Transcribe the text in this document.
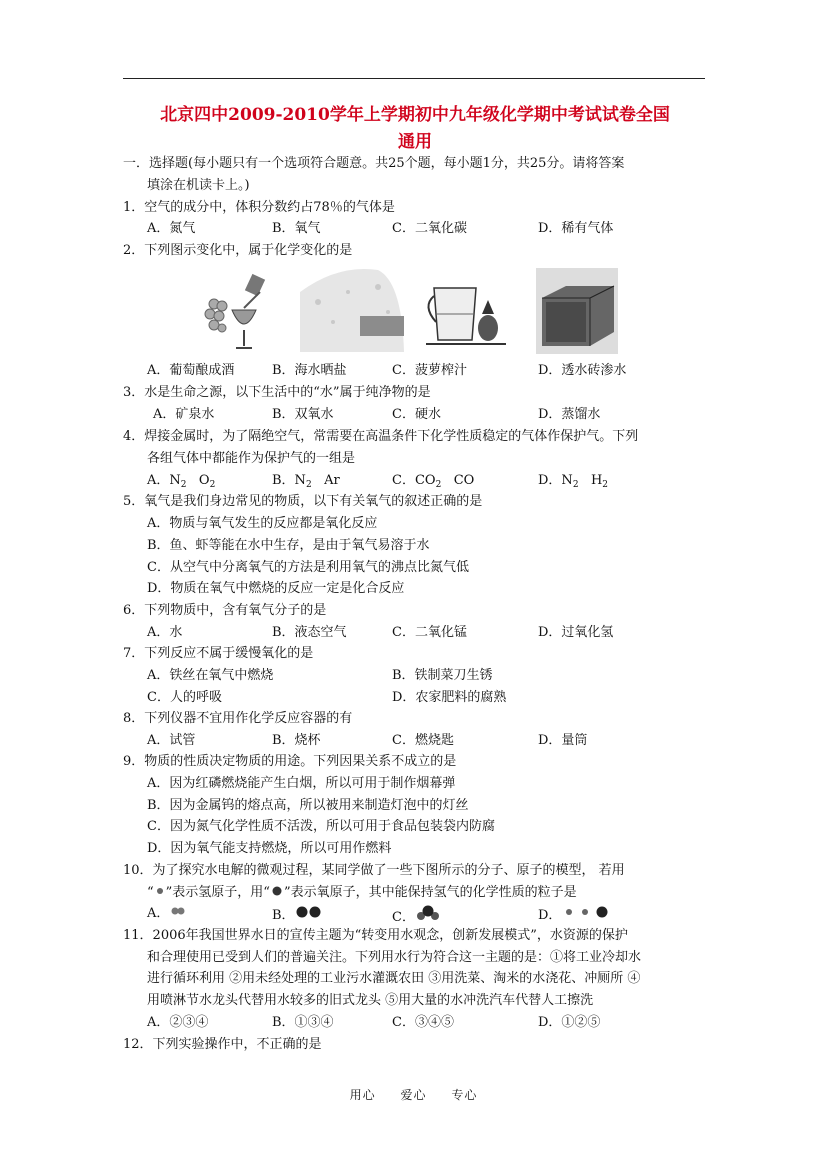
北京四中2009-2010学年上学期初中九年级化学期中考试试卷全国
通用
一．选择题(每小题只有一个选项符合题意。共25个题，每小题1分，共25分。请将答案
填涂在机读卡上。)
1．空气的成分中，体积分数约占78％的气体是
A．氮气	B．氧气	C．二氧化碳	D．稀有气体
2．下列图示变化中，属于化学变化的是
A．葡萄酿成酒	B．海水晒盐	C．菠萝榨汁	D．透水砖渗水
3．水是生命之源，以下生活中的“水”属于纯净物的是
A．矿泉水	B．双氧水	C．硬水	D．蒸馏水
4．焊接金属时，为了隔绝空气，常需要在高温条件下化学性质稳定的气体作保护气。下列
各组气体中都能作为保护气的一组是
A．$N_2$ $O_2$	B．$N_2$ Ar	C．$CO_2$ CO	D．$N_2$ $H_2$
5．氧气是我们身边常见的物质，以下有关氧气的叙述正确的是
A．物质与氧气发生的反应都是氧化反应
B．鱼、虾等能在水中生存，是由于氧气易溶于水
C．从空气中分离氧气的方法是利用氧气的沸点比氮气低
D．物质在氧气中燃烧的反应一定是化合反应
6．下列物质中，含有氧气分子的是
A．水	B．液态空气	C．二氧化锰	D．过氧化氢
7．下列反应不属于缓慢氧化的是
A．铁丝在氧气中燃烧	B．铁制菜刀生锈
C．人的呼吸	D．农家肥料的腐熟
8．下列仪器不宜用作化学反应容器的有
A．试管	B．烧杯	C．燃烧匙	D．量筒
9．物质的性质决定物质的用途。下列因果关系不成立的是
A．因为红磷燃烧能产生白烟，所以可用于制作烟幕弹
B．因为金属钨的熔点高，所以被用来制造灯泡中的灯丝
C．因为氮气化学性质不活泼，所以可用于食品包装袋内防腐
D．因为氧气能支持燃烧，所以可用作燃料
10．为了探究水电解的微观过程，某同学做了一些下图所示的分子、原子的模型， 若用
“ ”表示氢原子，用“ ”表示氧原子，其中能保持氢气的化学性质的粒子是
A．	B．	C．	D．
11．2006年我国世界水日的宣传主题为“转变用水观念，创新发展模式”，水资源的保护
和合理使用已受到人们的普遍关注。下列用水行为符合这一主题的是：①将工业冷却水
进行循环利用 ②用未经处理的工业污水灌溉农田 ③用洗菜、淘米的水浇花、冲厕所 ④
用喷淋节水龙头代替用水较多的旧式龙头 ⑤用大量的水冲洗汽车代替人工擦洗
A．②③④	B．①③④	C．③④⑤	D．①②⑤
12．下列实验操作中，不正确的是
用心 爱心 专心
